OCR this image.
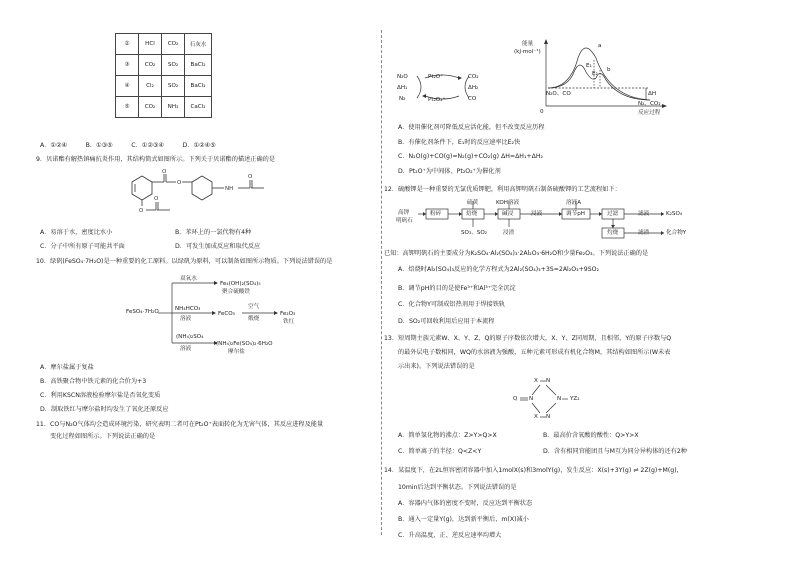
②	HCl	CO₂	石灰水
③	CO₂	SO₂	BaCl₂
④	Cl₂	SO₂	BaCl₂
⑤	CO₂	NH₃	CaCl₂
A．①②④　　　B．①③⑤　　　C．①②③④　　　D．①②④⑤
9．贝诺酯有解热镇痛抗炎作用，其结构简式如图所示。下列关于贝诺酯的描述正确的是
O
O
NH
O
O
O
A．易溶于水，密度比水小	B．苯环上的一氯代物有4种
C．分子中所有原子可能共平面	D．可发生加成反应和取代反应
10．绿矾(FeSO₄·7H₂O)是一种重要的化工原料。以绿矾为原料，可以制备如图所示物质。下列说法错误的是
FeSO₄·7H₂O
双氧水
Fe₄(OH)₂(SO₄)₅
聚合硫酸铁
NH₄HCO₃
溶液
FeCO₃
空气
煅烧
Fe₂O₃
铁红
(NH₄)₂SO₄
溶液
(NH₄)₂Fe(SO₄)₂·6H₂O
摩尔盐
A．摩尔盐属于复盐
B．高铁聚合物中铁元素的化合价为+3
C．利用KSCN溶液检验摩尔盐是否氧化变质
D．制取铁红与摩尔盐时均发生了氧化还原反应
11．CO与N₂O气体均会造成环境污染，研究表明二者可在Pt₂O⁺表面转化为无害气体，其反应进程及能量
变化过程如图所示。下列说法正确的是
N₂O
ΔH₁
N₂
Pt₂O⁺
Pt₂O₂⁺
CO₂
ΔH₂
CO
能量
(kJ·mol⁻¹)
a
b
E₁
E₂
N₂O、CO
N₂、CO₂
ΔH
0	反应过程
A．使用催化剂可降低反应活化能，但不改变反应历程
B．有催化剂条件下，E₁时的反应速率比E₂快
C．N₂O(g)+CO(g)=N₂(g)+CO₂(g) ΔH=ΔH₁+ΔH₂
D．Pt₂O⁺为中间体、Pt₂O₂⁺为催化剂
12．硫酸钾是一种重要的无氯优质钾肥，利用高钾明矾石制备硫酸钾的工艺流程如下：
高钾
明矾石
粉碎
硫黄
焙烧
SO₃、SO₂
KOH溶液
碱浸
浸渣
浸液
溶液A
调节pH	过滤	滤液	K₂SO₄
灼烧	滤渣	化合物Y
已知：高钾明矾石的主要成分为K₂SO₄·Al₂(SO₄)₃·2Al₂O₃·6H₂O和少量Fe₂O₃。下列说法正确的是
A．焙烧时Al₂(SO₄)₃反应的化学方程式为2Al₂(SO₄)₃+3S=2Al₂O₃+9SO₂
B．调节pH的目的是使Fe³⁺和Al³⁺完全沉淀
C．化合物Y可制成铝热剂用于焊接铁轨
D．SO₂可回收利用后应用于本流程
13．短周期主族元素W、X、Y、Z、Q的原子序数依次增大，X、Y、Z同周期，且相邻，Y的原子序数与Q
的最外层电子数相同，WQ的水溶液为强酸，五种元素可形成有机化合物M，其结构如图所示(W未表
示出来)。下列说法错误的是
Q N
X N
N
X N
YZ₂
A．简单氢化物的沸点：Z>Y>Q>X	B．最高价含氧酸的酸性：Q>Y>X
C．简单离子的半径：Q<Z<Y	D．含有相同官能团且与M互为同分异构体的还有2种
14．某温度下，在2L恒容密闭容器中加入1molX(s)和3molY(g)，发生反应：X(s)+3Y(g) ⇌ 2Z(g)+M(g)，
10min后达到平衡状态。下列说法错误的是
A．容器内气体的密度不变时，反应达到平衡状态
B．通入一定量Y(g)，达到新平衡后，m(X)减小
C．升高温度，正、逆反应速率均增大
